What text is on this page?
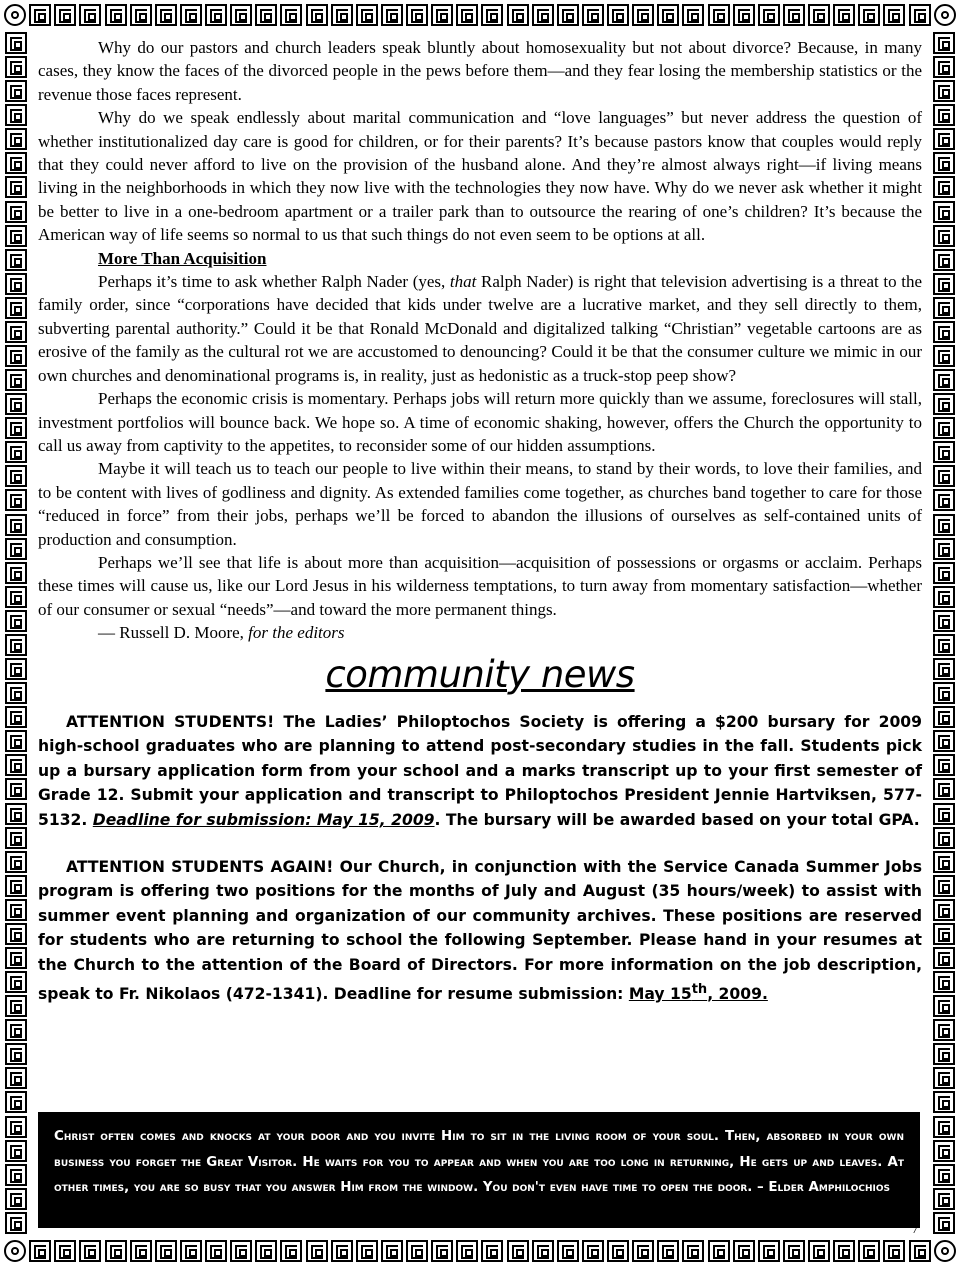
Why do our pastors and church leaders speak bluntly about homosexuality but not about divorce? Because, in many cases, they know the faces of the divorced people in the pews before them—and they fear losing the membership statistics or the revenue those faces represent.

Why do we speak endlessly about marital communication and “love languages” but never address the question of whether institutionalized day care is good for children, or for their parents? It’s because pastors know that couples would reply that they could never afford to live on the provision of the husband alone. And they’re almost always right—if living means living in the neighborhoods in which they now live with the technologies they now have. Why do we never ask whether it might be better to live in a one-bedroom apartment or a trailer park than to outsource the rearing of one’s children? It’s because the American way of life seems so normal to us that such things do not even seem to be options at all.

More Than Acquisition

Perhaps it’s time to ask whether Ralph Nader (yes, that Ralph Nader) is right that television advertising is a threat to the family order, since “corporations have decided that kids under twelve are a lucrative market, and they sell directly to them, subverting parental authority.” Could it be that Ronald McDonald and digitalized talking “Christian” vegetable cartoons are as erosive of the family as the cultural rot we are accustomed to denouncing? Could it be that the consumer culture we mimic in our own churches and denominational programs is, in reality, just as hedonistic as a truck-stop peep show?

Perhaps the economic crisis is momentary. Perhaps jobs will return more quickly than we assume, foreclosures will stall, investment portfolios will bounce back. We hope so. A time of economic shaking, however, offers the Church the opportunity to call us away from captivity to the appetites, to reconsider some of our hidden assumptions.

Maybe it will teach us to teach our people to live within their means, to stand by their words, to love their families, and to be content with lives of godliness and dignity. As extended families come together, as churches band together to care for those “reduced in force” from their jobs, perhaps we’ll be forced to abandon the illusions of ourselves as self-contained units of production and consumption.

Perhaps we’ll see that life is about more than acquisition—acquisition of possessions or orgasms or acclaim. Perhaps these times will cause us, like our Lord Jesus in his wilderness temptations, to turn away from momentary satisfaction—whether of our consumer or sexual “needs”—and toward the more permanent things.

— Russell D. Moore, for the editors
community news

ATTENTION STUDENTS! The Ladies’ Philoptochos Society is offering a $200 bursary for 2009 high-school graduates who are planning to attend post-secondary studies in the fall. Students pick up a bursary application form from your school and a marks transcript up to your first semester of Grade 12. Submit your application and transcript to Philoptochos President Jennie Hartviksen, 577-5132. Deadline for submission: May 15, 2009. The bursary will be awarded based on your total GPA.

ATTENTION STUDENTS AGAIN! Our Church, in conjunction with the Service Canada Summer Jobs program is offering two positions for the months of July and August (35 hours/week) to assist with summer event planning and organization of our community archives. These positions are reserved for students who are returning to school the following September. Please hand in your resumes at the Church to the attention of the Board of Directors. For more information on the job description, speak to Fr. Nikolaos (472-1341). Deadline for resume submission: May 15th, 2009.

Christ often comes and knocks at your door and you invite Him to sit in the living room of your soul. Then, absorbed in your own business you forget the Great Visitor. He waits for you to appear and when you are too long in returning, He gets up and leaves. At other times, you are so busy that you answer Him from the window. You don't even have time to open the door. – Elder Amphilochios
7
